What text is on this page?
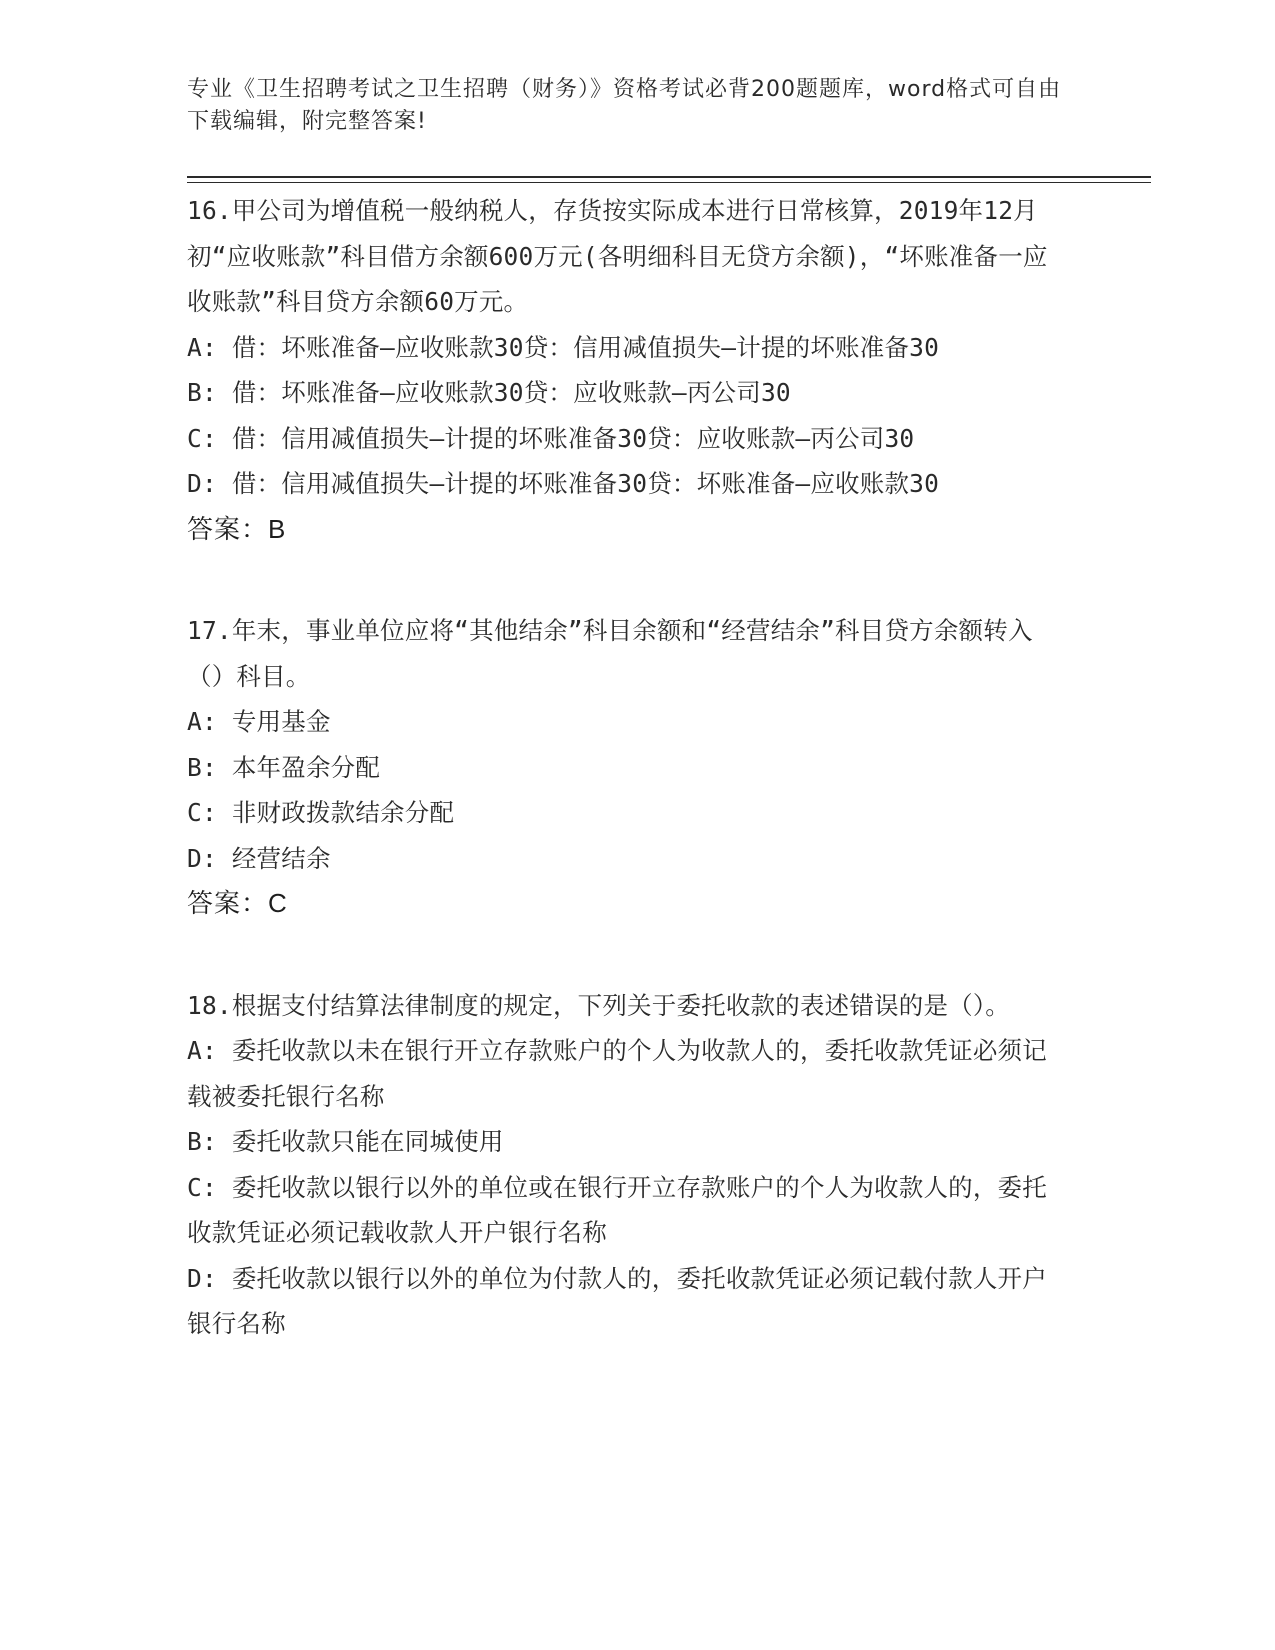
专业《卫生招聘考试之卫生招聘（财务）》资格考试必背200题题库，word格式可自由下载编辑，附完整答案!

16.甲公司为增值税一般纳税人，存货按实际成本进行日常核算，2019年12月初“应收账款”科目借方余额600万元(各明细科目无贷方余额)，“坏账准备一应收账款”科目贷方余额60万元。

A: 借：坏账准备—应收账款30贷：信用减值损失—计提的坏账准备30

B: 借：坏账准备—应收账款30贷：应收账款—丙公司30

C: 借：信用减值损失—计提的坏账准备30贷：应收账款—丙公司30

D: 借：信用减值损失—计提的坏账准备30贷：坏账准备—应收账款30

答案：B

17.年末，事业单位应将“其他结余”科目余额和“经营结余”科目贷方余额转入（）科目。

A: 专用基金

B: 本年盈余分配

C: 非财政拨款结余分配

D: 经营结余

答案：C

18.根据支付结算法律制度的规定，下列关于委托收款的表述错误的是（）。

A: 委托收款以未在银行开立存款账户的个人为收款人的，委托收款凭证必须记载被委托银行名称

B: 委托收款只能在同城使用

C: 委托收款以银行以外的单位或在银行开立存款账户的个人为收款人的，委托收款凭证必须记载收款人开户银行名称

D: 委托收款以银行以外的单位为付款人的，委托收款凭证必须记载付款人开户银行名称
